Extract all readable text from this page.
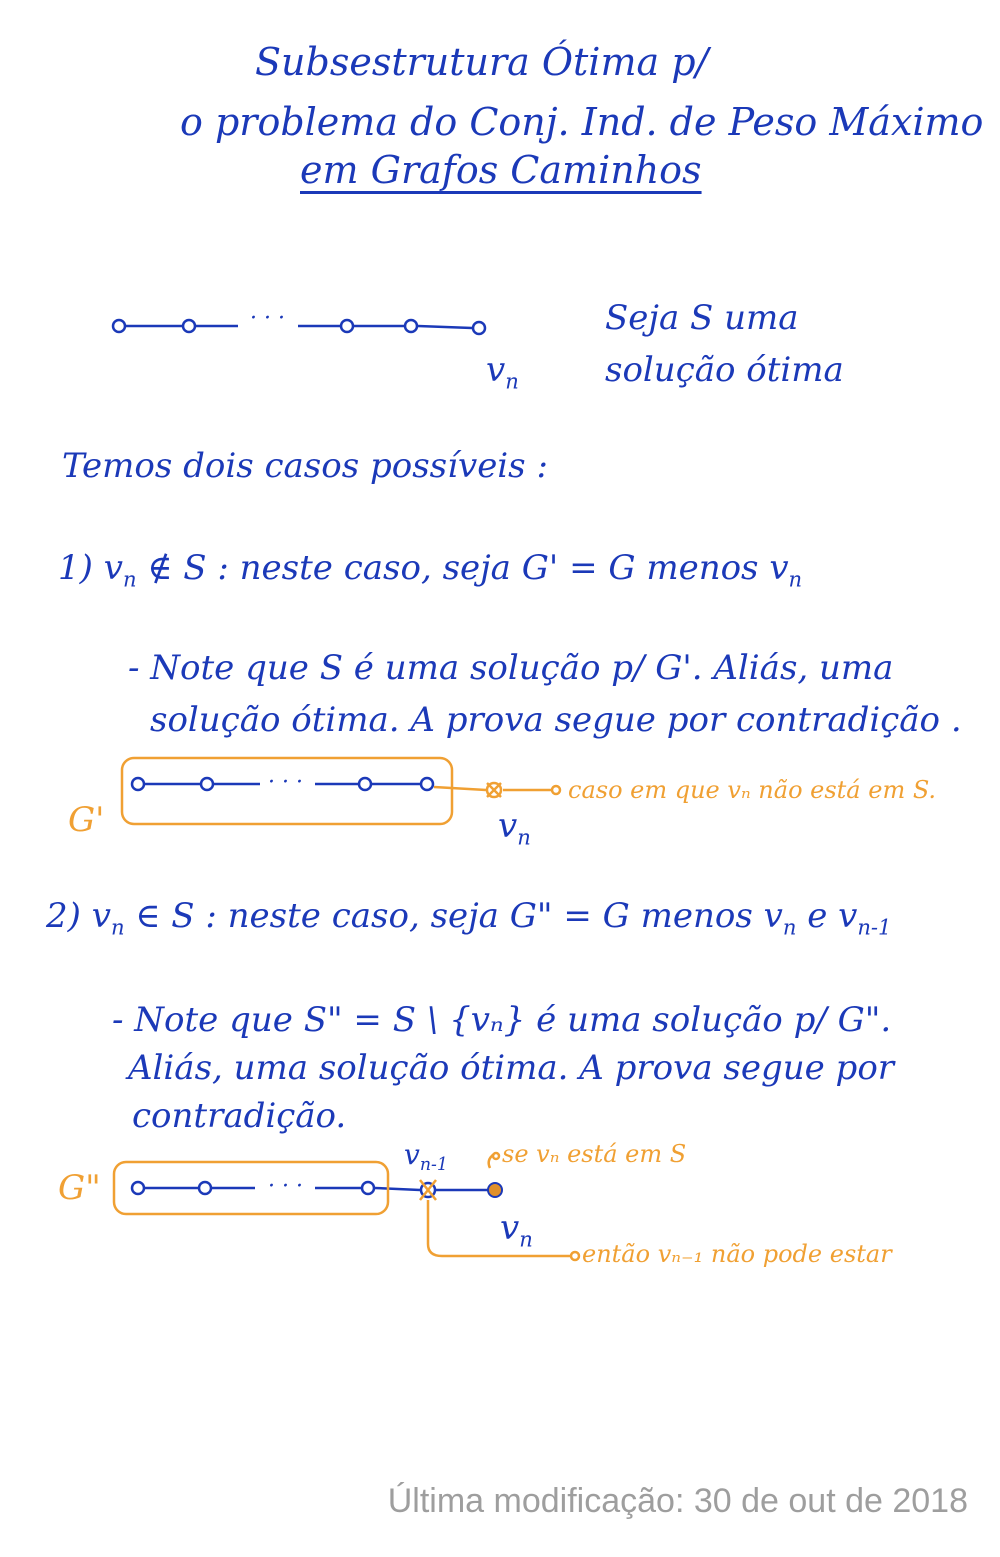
Subsestrutura Ótima p/
o problema do Conj. Ind. de Peso Máximo
em Grafos Caminhos
· · ·
$v_n$
Seja S uma
solução ótima
Temos dois casos possíveis :
1) $v_n$ ∉ S : neste caso, seja G' = G menos $v_n$
- Note que S é uma solução p/ G'. Aliás, uma
solução ótima. A prova segue por contradição .
G'
· · ·
$v_n$
caso em que vₙ não está em S.
2) $v_n$ ∈ S : neste caso, seja G" = G menos $v_n$ e $v_{n-1}$
- Note que S" = S \ {vₙ} é uma solução p/ G".
Aliás, uma solução ótima. A prova segue por
contradição.
G"	· · ·
$v_{n-1}$
$v_n$
se vₙ está em S
então vₙ₋₁ não pode estar
Última modificação: 30 de out de 2018
